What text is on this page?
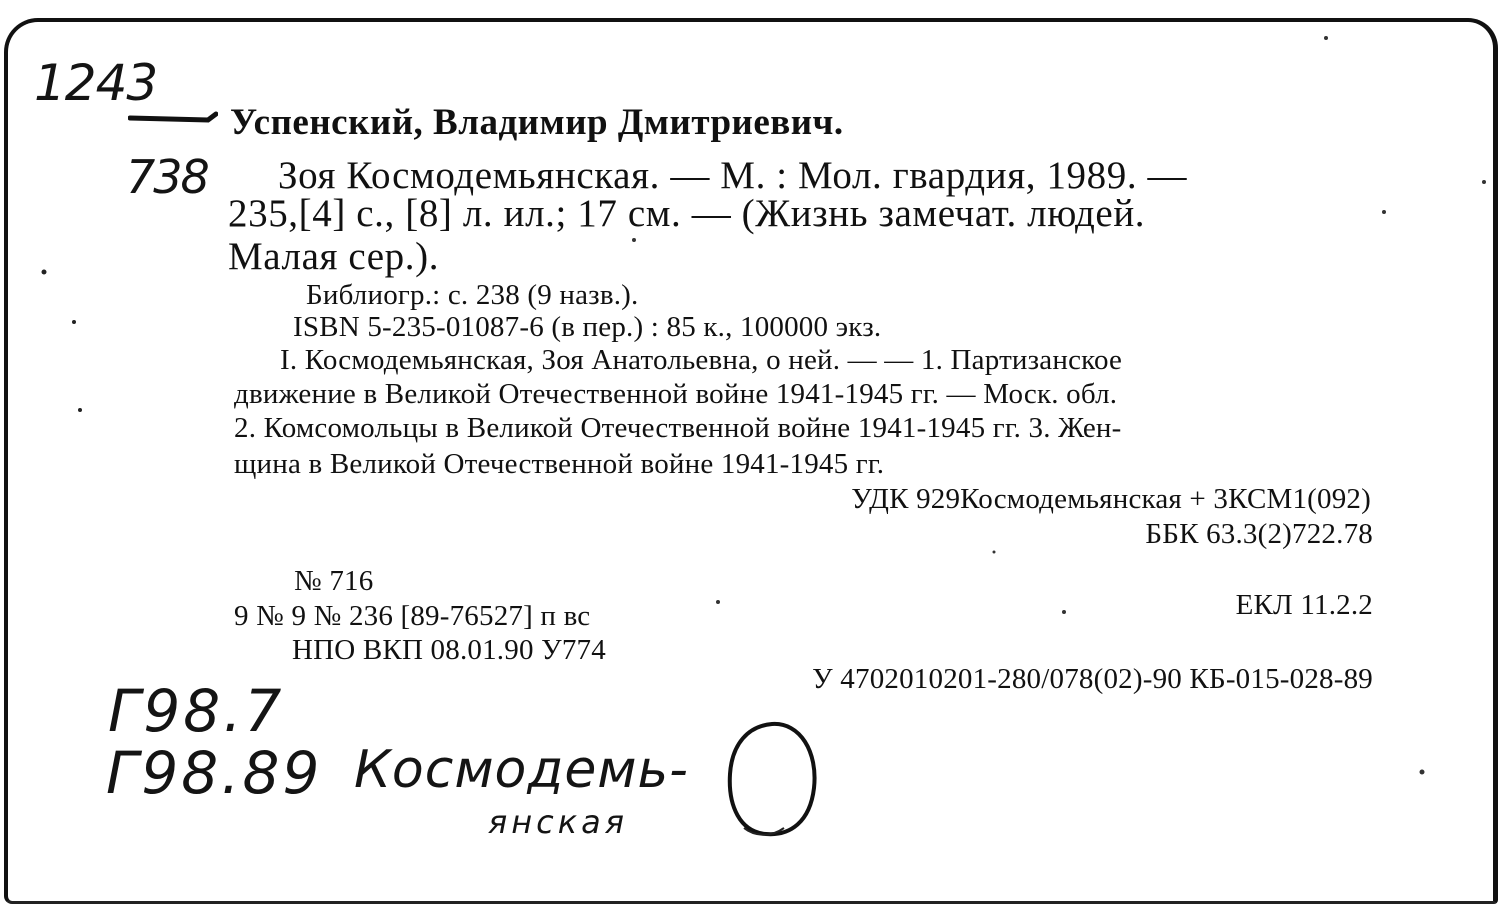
1243
738
Успенский, Владимир Дмитриевич.
Зоя Космодемьянская. — М. : Мол. гвардия, 1989. —
235,[4] с., [8] л. ил.; 17 см. — (Жизнь замечат. людей.
Малая сер.).
Библиогр.: с. 238 (9 назв.).
ISBN 5-235-01087-6 (в пер.) : 85 к., 100000 экз.
I. Космодемьянская, Зоя Анатольевна, о ней. — — 1. Партизанское
движение в Великой Отечественной войне 1941-1945 гг. — Моск. обл.
2. Комсомольцы в Великой Отечественной войне 1941-1945 гг. 3. Жен-
щина в Великой Отечественной войне 1941-1945 гг.
УДК 929Космодемьянская + 3КСМ1(092)
ББК 63.3(2)722.78
№ 716
9 № 9 № 236 [89-76527] п вс	ЕКЛ 11.2.2
НПО ВКП 08.01.90 У774
У 4702010201-280/078(02)-90 КБ-015-028-89
Г98.7
Г98.89 Космодемь-
янская
